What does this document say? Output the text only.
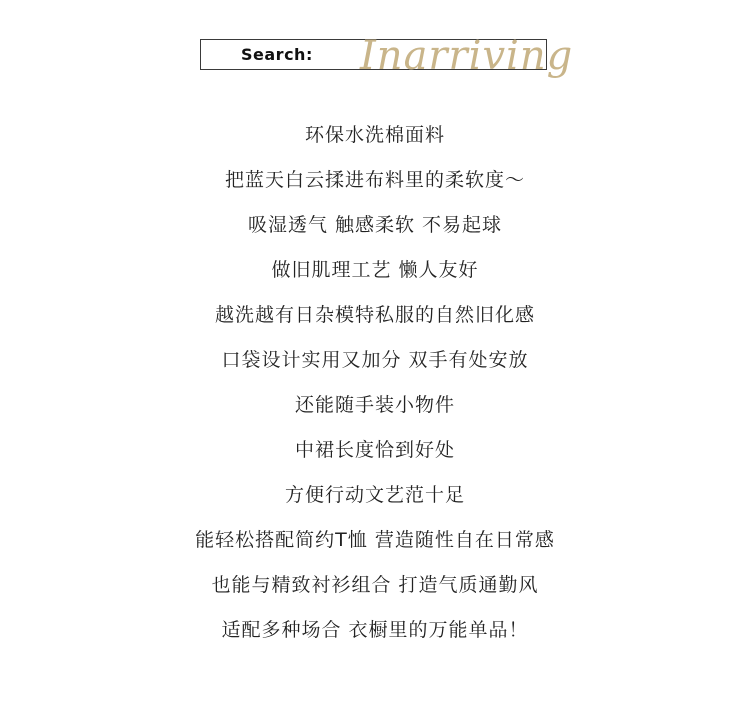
Search: Inarriving
环保水洗棉面料
把蓝天白云揉进布料里的柔软度～
吸湿透气 触感柔软 不易起球
做旧肌理工艺 懒人友好
越洗越有日杂模特私服的自然旧化感
口袋设计实用又加分 双手有处安放
还能随手装小物件
中裙长度恰到好处
方便行动文艺范十足
能轻松搭配简约T恤 营造随性自在日常感
也能与精致衬衫组合 打造气质通勤风
适配多种场合 衣橱里的万能单品！
